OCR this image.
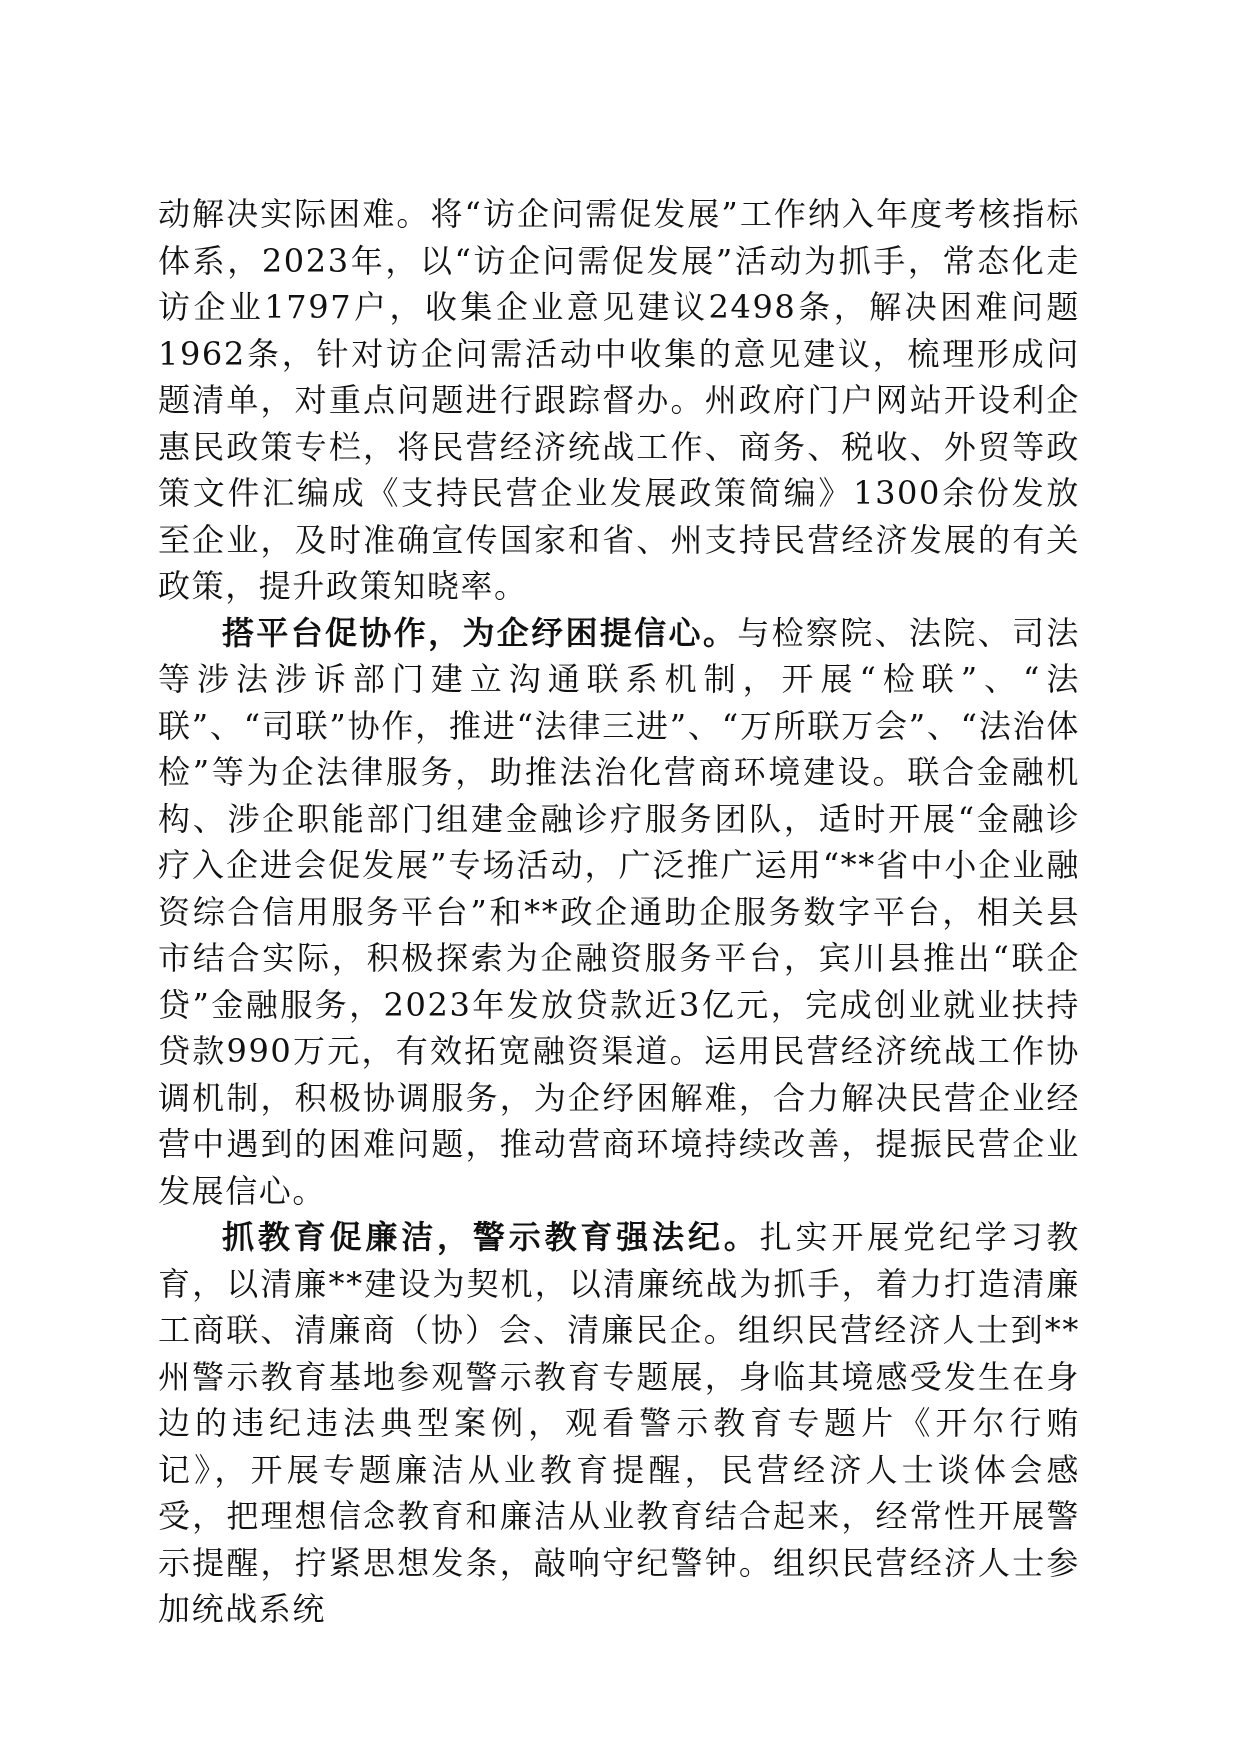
动解决实际困难。将“访企问需促发展”工作纳入年度考核指标体系，2023年，以“访企问需促发展”活动为抓手，常态化走访企业1797户，收集企业意见建议2498条，解决困难问题1962条，针对访企问需活动中收集的意见建议，梳理形成问题清单，对重点问题进行跟踪督办。州政府门户网站开设利企惠民政策专栏，将民营经济统战工作、商务、税收、外贸等政策文件汇编成《支持民营企业发展政策简编》1300余份发放至企业，及时准确宣传国家和省、州支持民营经济发展的有关政策，提升政策知晓率。

搭平台促协作，为企纾困提信心。与检察院、法院、司法等涉法涉诉部门建立沟通联系机制，开展“检联”、“法联”、“司联”协作，推进“法律三进”、“万所联万会”、“法治体检”等为企法律服务，助推法治化营商环境建设。联合金融机构、涉企职能部门组建金融诊疗服务团队，适时开展“金融诊疗入企进会促发展”专场活动，广泛推广运用“**省中小企业融资综合信用服务平台”和**政企通助企服务数字平台，相关县市结合实际，积极探索为企融资服务平台，宾川县推出“联企贷”金融服务，2023年发放贷款近3亿元，完成创业就业扶持贷款990万元，有效拓宽融资渠道。运用民营经济统战工作协调机制，积极协调服务，为企纾困解难，合力解决民营企业经营中遇到的困难问题，推动营商环境持续改善，提振民营企业发展信心。

抓教育促廉洁，警示教育强法纪。扎实开展党纪学习教育，以清廉**建设为契机，以清廉统战为抓手，着力打造清廉工商联、清廉商（协）会、清廉民企。组织民营经济人士到**州警示教育基地参观警示教育专题展，身临其境感受发生在身边的违纪违法典型案例，观看警示教育专题片《开尔行贿记》，开展专题廉洁从业教育提醒，民营经济人士谈体会感受，把理想信念教育和廉洁从业教育结合起来，经常性开展警示提醒，拧紧思想发条，敲响守纪警钟。组织民营经济人士参加统战系统
